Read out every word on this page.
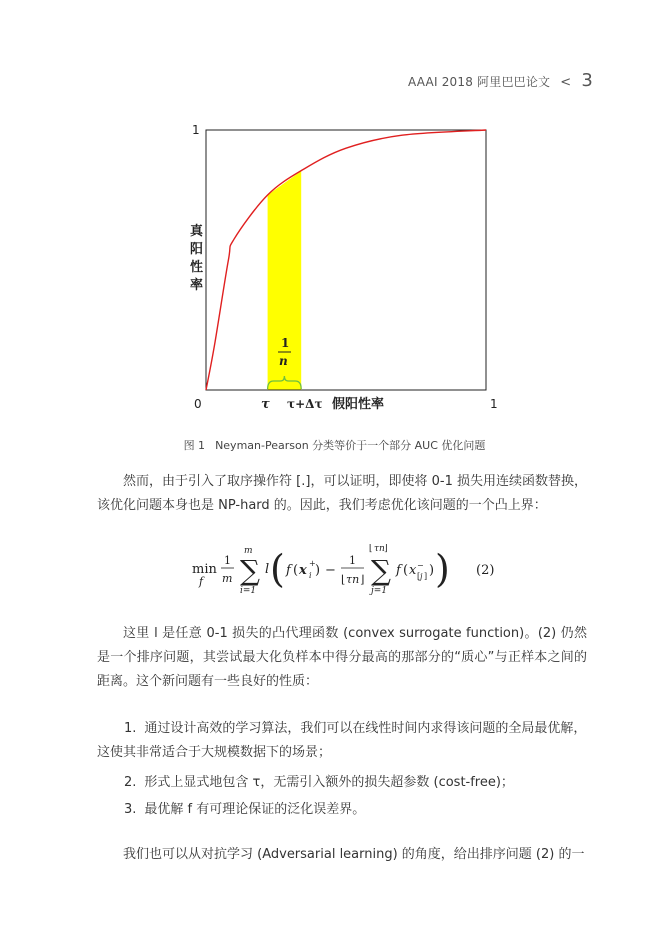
AAAI 2018 阿里巴巴论文 < 3
1
0	1
真阳性率
假阳性率
τ τ+Δτ
1
n
图 1 Neyman-Pearson 分类等价于一个部分 AUC 优化问题

然而，由于引入了取序操作符 [.]，可以证明，即使将 0-1 损失用连续函数替换，该优化问题本身也是 NP-hard 的。因此，我们考虑优化该问题的一个凸上界：

min
f
1
m ∑
m
i=1
l ( f ( x +
i ) −
1
⌊ τn ⌋ ∑
⌊ τn ⌋
j=1
f ( x −
[ j ] ) ) (2)

这里 l 是任意 0-1 损失的凸代理函数 (convex surrogate function)。(2) 仍然是一个排序问题，其尝试最大化负样本中得分最高的那部分的“质心”与正样本之间的距离。这个新问题有一些良好的性质：

1. 通过设计高效的学习算法，我们可以在线性时间内求得该问题的全局最优解，这使其非常适合于大规模数据下的场景；

2. 形式上显式地包含 τ，无需引入额外的损失超参数 (cost-free)；

3. 最优解 f 有可理论保证的泛化误差界。

我们也可以从对抗学习 (Adversarial learning) 的角度，给出排序问题 (2) 的一
